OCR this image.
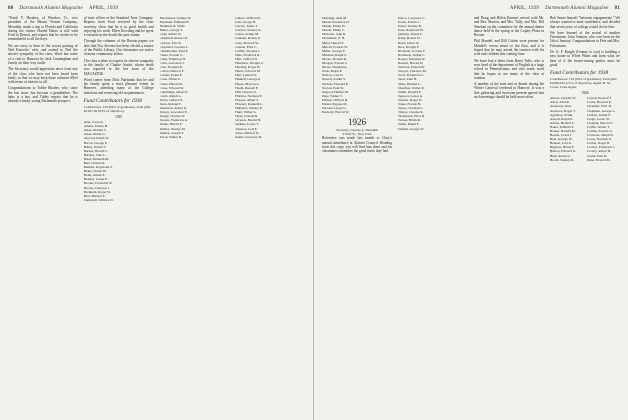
80 Dartmouth Alumni Magazine APRIL, 1939

"Frank Y. Hershey, of Windsor, Vt., vice president of the Mount Vernon Company, Meredith, made a trip to Florida and California during the winter. Harold Baker is still with Ford in Detroit, and reports that he wishes to be remembered to all the boys.

We are sorry to hear of the recent passing of Ned Knowles' wife, and extend to Ned the sincere sympathy of the class. Word has come of a visit to Hanover by Jack Cunningham and family on their way south.

The Secretary would appreciate news from any of the class who have not been heard from lately, so that we may keep these columns filled with items of interest to all.

Congratulations to Tubby Rhodes, who, since the last issue, has become a grandfather. The baby is a boy, and Tubby reports that he is already a husky young Dartmouth prospect.

of trust officer at the Standard Trust Company. Reports from Scott received by the class secretary show that he is in good health and enjoying his work. Ellen Dowding and he spent a vacation in the South this past winter.

Through the columns of the Boston papers we note that Doc Stevens has been elected a trustee of the Public Library. Our classmates are active in many community affairs.

The class wishes to express its sincere sympathy to the family of Charlie Austin, whose death was reported in the last issue of the MAGAZINE.

Word comes from Dick Fairbanks that he and his family spent a most pleasant winter in Hanover, attending many of the College functions and renewing old acquaintances.

Fund Contributors for 1938
Contributors: 159 (94% of graduates). Total gifts: $2,637.00 (93% of objective).
1925
Abel, Carol A.
Adams, Emery B.
Allen, Donald S.
Ames, Philip G.
Atwood, Ralph W.
Bacon, George F.
Bailey, Edwin T.
Barnes, Harold C.
Bartlett, John L.
Bates, Kenneth M.
Bell, Charles R.
Bennett, Raymond S.
Blake, Walter H.
Bond, Arthur E.
Bradley, Lester P.
Brooks, Frederick N.
Brown, Clarence J.
Burnham, Roger W.
Burr, Herbert F.
Campbell, Wallace D.
Burchstead, Sydney W.
Burnham, Edmund H.
Bushnell, R. Wells
Butler, George T.
Cady, Arthur W.
Campbell, Robert D.
Carlson, Eric N.
Carpenter, Gordon L.
Chamberlain, Paul F.
Chase, Everett S.
Clark, Winthrop H.
Cobb, Lawrence J.
Cole, Norman B.
Colton, Herbert E.
Conant, Frank E.
Cook, Walter P.
Crane, Harold D.
Cross, Edward W.
Cummings, Albert F.
Curtis, Ralph G.
Davis, Gilbert N.
Dean, Roland T.
Dennison, Arthur K.
Dewey, Lawrence E.
Dodge, Charles W.
Downs, Frederick A.
Drake, Harold P.
Dudley, Wesley M.
Dunbar, Joseph T.
Eaton, Walter R.
Gilbert, William E.
Gill, George B.
Glover, James T.
Gordon, Stanley K.
Gould, Arthur M.
Graham, Robert E.
Gray, Howard W.
Greene, Eliot C.
Griffin, Thomas J.
Hale, Frederick R.
Hall, Clifford N.
Hamilton, Dwight S.
Harding, Roger B.
Harris, Edward M.
Hart, Lyman W.
Haskell, George P.
Hayes, Morton A.
Heath, Russell F.
Hill, Chester D.
Holmes, Norman E.
Hooper, Albert S.
Howard, Kenneth L.
Hubbard, Stanley P.
Hunt, Walter G.
Hyde, Donald R.
Jackson, Harold B.
Jenkins, Lewis T.
Johnson, Carl E.
Jones, Herbert W.
Keith, Lawrence D.
APRIL, 1939 Dartmouth Alumni Magazine 81
Manning, Alan M.
Marsh, Frederick D.
Martin, Elmer D.
Mason, Philip C.
Maxwell, John R.
McAllister, E. B.
Mead, Harold T.
Merrill, Francis W.
Miller, George F.
Mitchell, Ralph S.
Moore, Donald K.
Morgan, Everett L.
Morse, Wendell A.
Nash, Roger P.
Nelson, Carl O.
Newell, Arthur S.
Nichols, Howard E.
Norton, Paul W.
Osgood, Herbert B.
Page, Walter T.
Palmer, Clifford R.
Parker, Eugene M.
Parsons, Lloyd G.
Peabody, Harold W.
1926
Secretary, Charles A. Meredith
9 Wall St., New York

Reference was made last month to Clary's annual attendance at Alumni Council. Reading from this copy, you will find him there and his classmates remember the good times they had.

Pierce, Lawrence C.
Porter, Edwin J.
Potter, Stanley B.
Pratt, Raymond H.
Quimby, Ernest F.
Rand, Robert W.
Reed, Albert N.
Rice, Dwight F.
Richards, Gordon T.
Robinson, Arthur L.
Rogers, Kenneth W.
Russell, Harold D.
Sanborn, Edward P.
Sawyer, Clarence M.
Scott, Frederick G.
Sears, Paul H.
Shaw, Herbert L.
Sherman, Walter R.
Smith, Donald F.
Spencer, Lester A.
Stearns, Roger W.
Stone, Everett B.
Taylor, Norman C.
Thayer, Charles R.
Thompson, Eliot D.
Tucker, Hollis R.
Tuttle, Ralph E.
Upham, George W.

and Doug and Helen Emmert served with Mr. and Mrs. Marion, and Mrs. Tully, and Mrs. Bill Sheehan on the committee for the annual dinner dance held in the spring at the Copley Plaza in Boston.

Phil Mandel, and Bill Corbin were present for Mandel's recent return to the East, and it is hoped that he may attend the reunion with his wife and children this coming June.

We have had a letter from Harry Tully, who is now head of the department of English at a large school in Pennsylvania, and who sends word that he hopes to see many of the class at reunion.

A number of the men met at dinner during the Winter Carnival weekend in Hanover. It was a fine gathering and everyone present agreed that such meetings should be held more often.

Bob Smart himself "between engagements." We always wanted to meet confidence, and decided that seven years of college would do for him.

We have learned of the arrival of another Fitzsimons, John Stanton, who was born on the 5th of January. Congratulations to Pete and Mrs. Fitzsimons.

Dr. G. F. Knight (Granny to you) is building a new house in White Plains and from what we hear of it the house-raising parties must be good.

Fund Contributors for 1938
Contributors: 159 (90% of graduates). Total gifts: $2,890.00 (117% of objective). Agent: R. M. Lucas, Class Agent.
1926
Abbott, Charles W.
Allen, John R.
Anderson, Paul
Andrews, Roger T.
Appleton, Frank
Arnold, Ralph E.
Atkins, Herbert C.
Baker, William S.
Barker, Donald M.
Barton, Lewis J.
Beal, George W.
Benson, Carl A.
Bigelow, Henry F.
Bishop, Edward K.
Blair, Robert L.
Booth, Stanley R.
Carroll, Preston J.
Carter, Howard E.
Chandler, Wm. D.
Chapman, George L.
Church, Arthur F.
Clapp, Lester W.
Clement, Harold C.
Coffin, Walter T.
Collins, Francis G.
Converse, Ralph K.
Corey, Norman E.
Cotton, Roger B.
Cowles, Frederick J.
Crosby, Albert H.
Cutler, Paul D.
Dana, Everett M.
